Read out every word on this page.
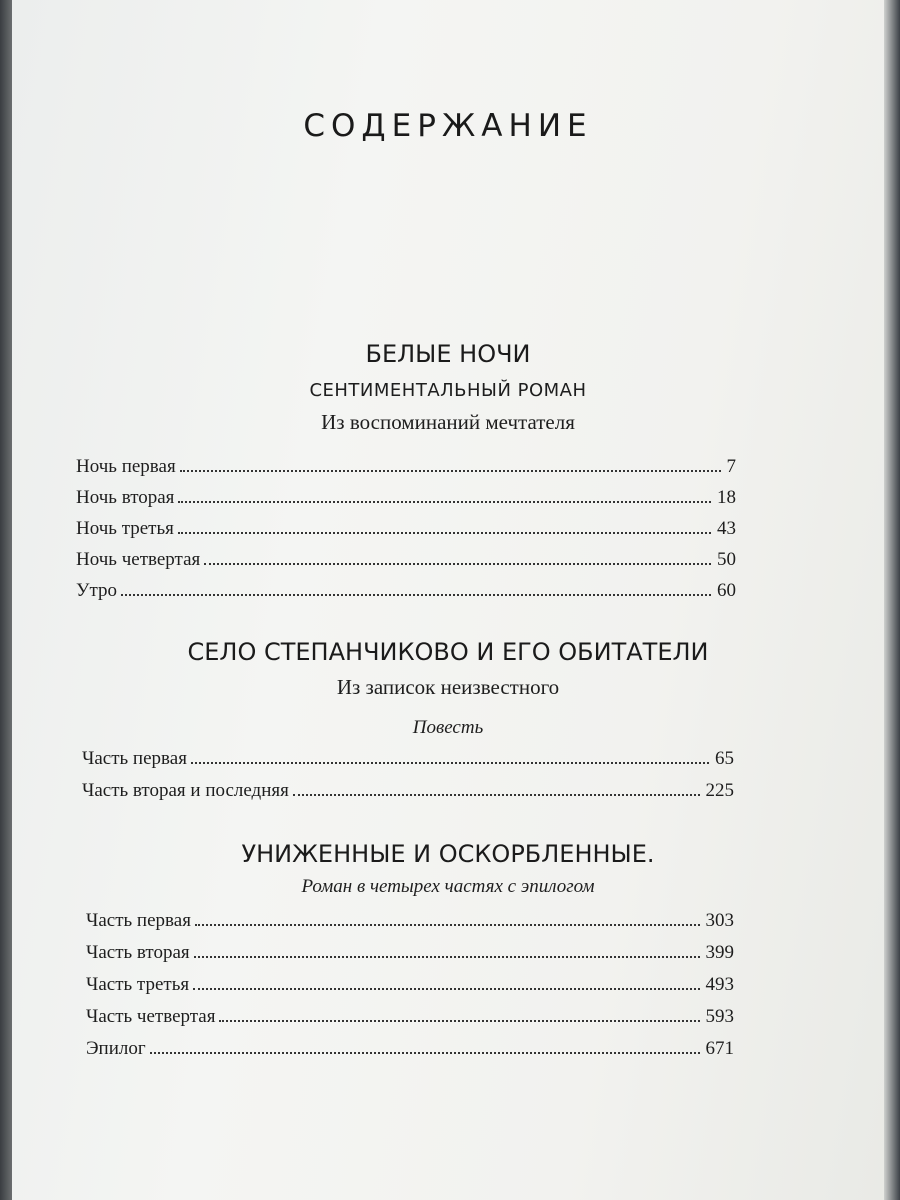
СОДЕРЖАНИЕ
БЕЛЫЕ НОЧИ
СЕНТИМЕНТАЛЬНЫЙ РОМАН
Из воспоминаний мечтателя
Ночь первая	7
Ночь вторая	18
Ночь третья	43
Ночь четвертая	50
Утро	60
СЕЛО СТЕПАНЧИКОВО И ЕГО ОБИТАТЕЛИ
Из записок неизвестного
Повесть
Часть первая	65
Часть вторая и последняя	225
УНИЖЕННЫЕ И ОСКОРБЛЕННЫЕ.
Роман в четырех частях с эпилогом
Часть первая	303
Часть вторая	399
Часть третья	493
Часть четвертая	593
Эпилог	671
